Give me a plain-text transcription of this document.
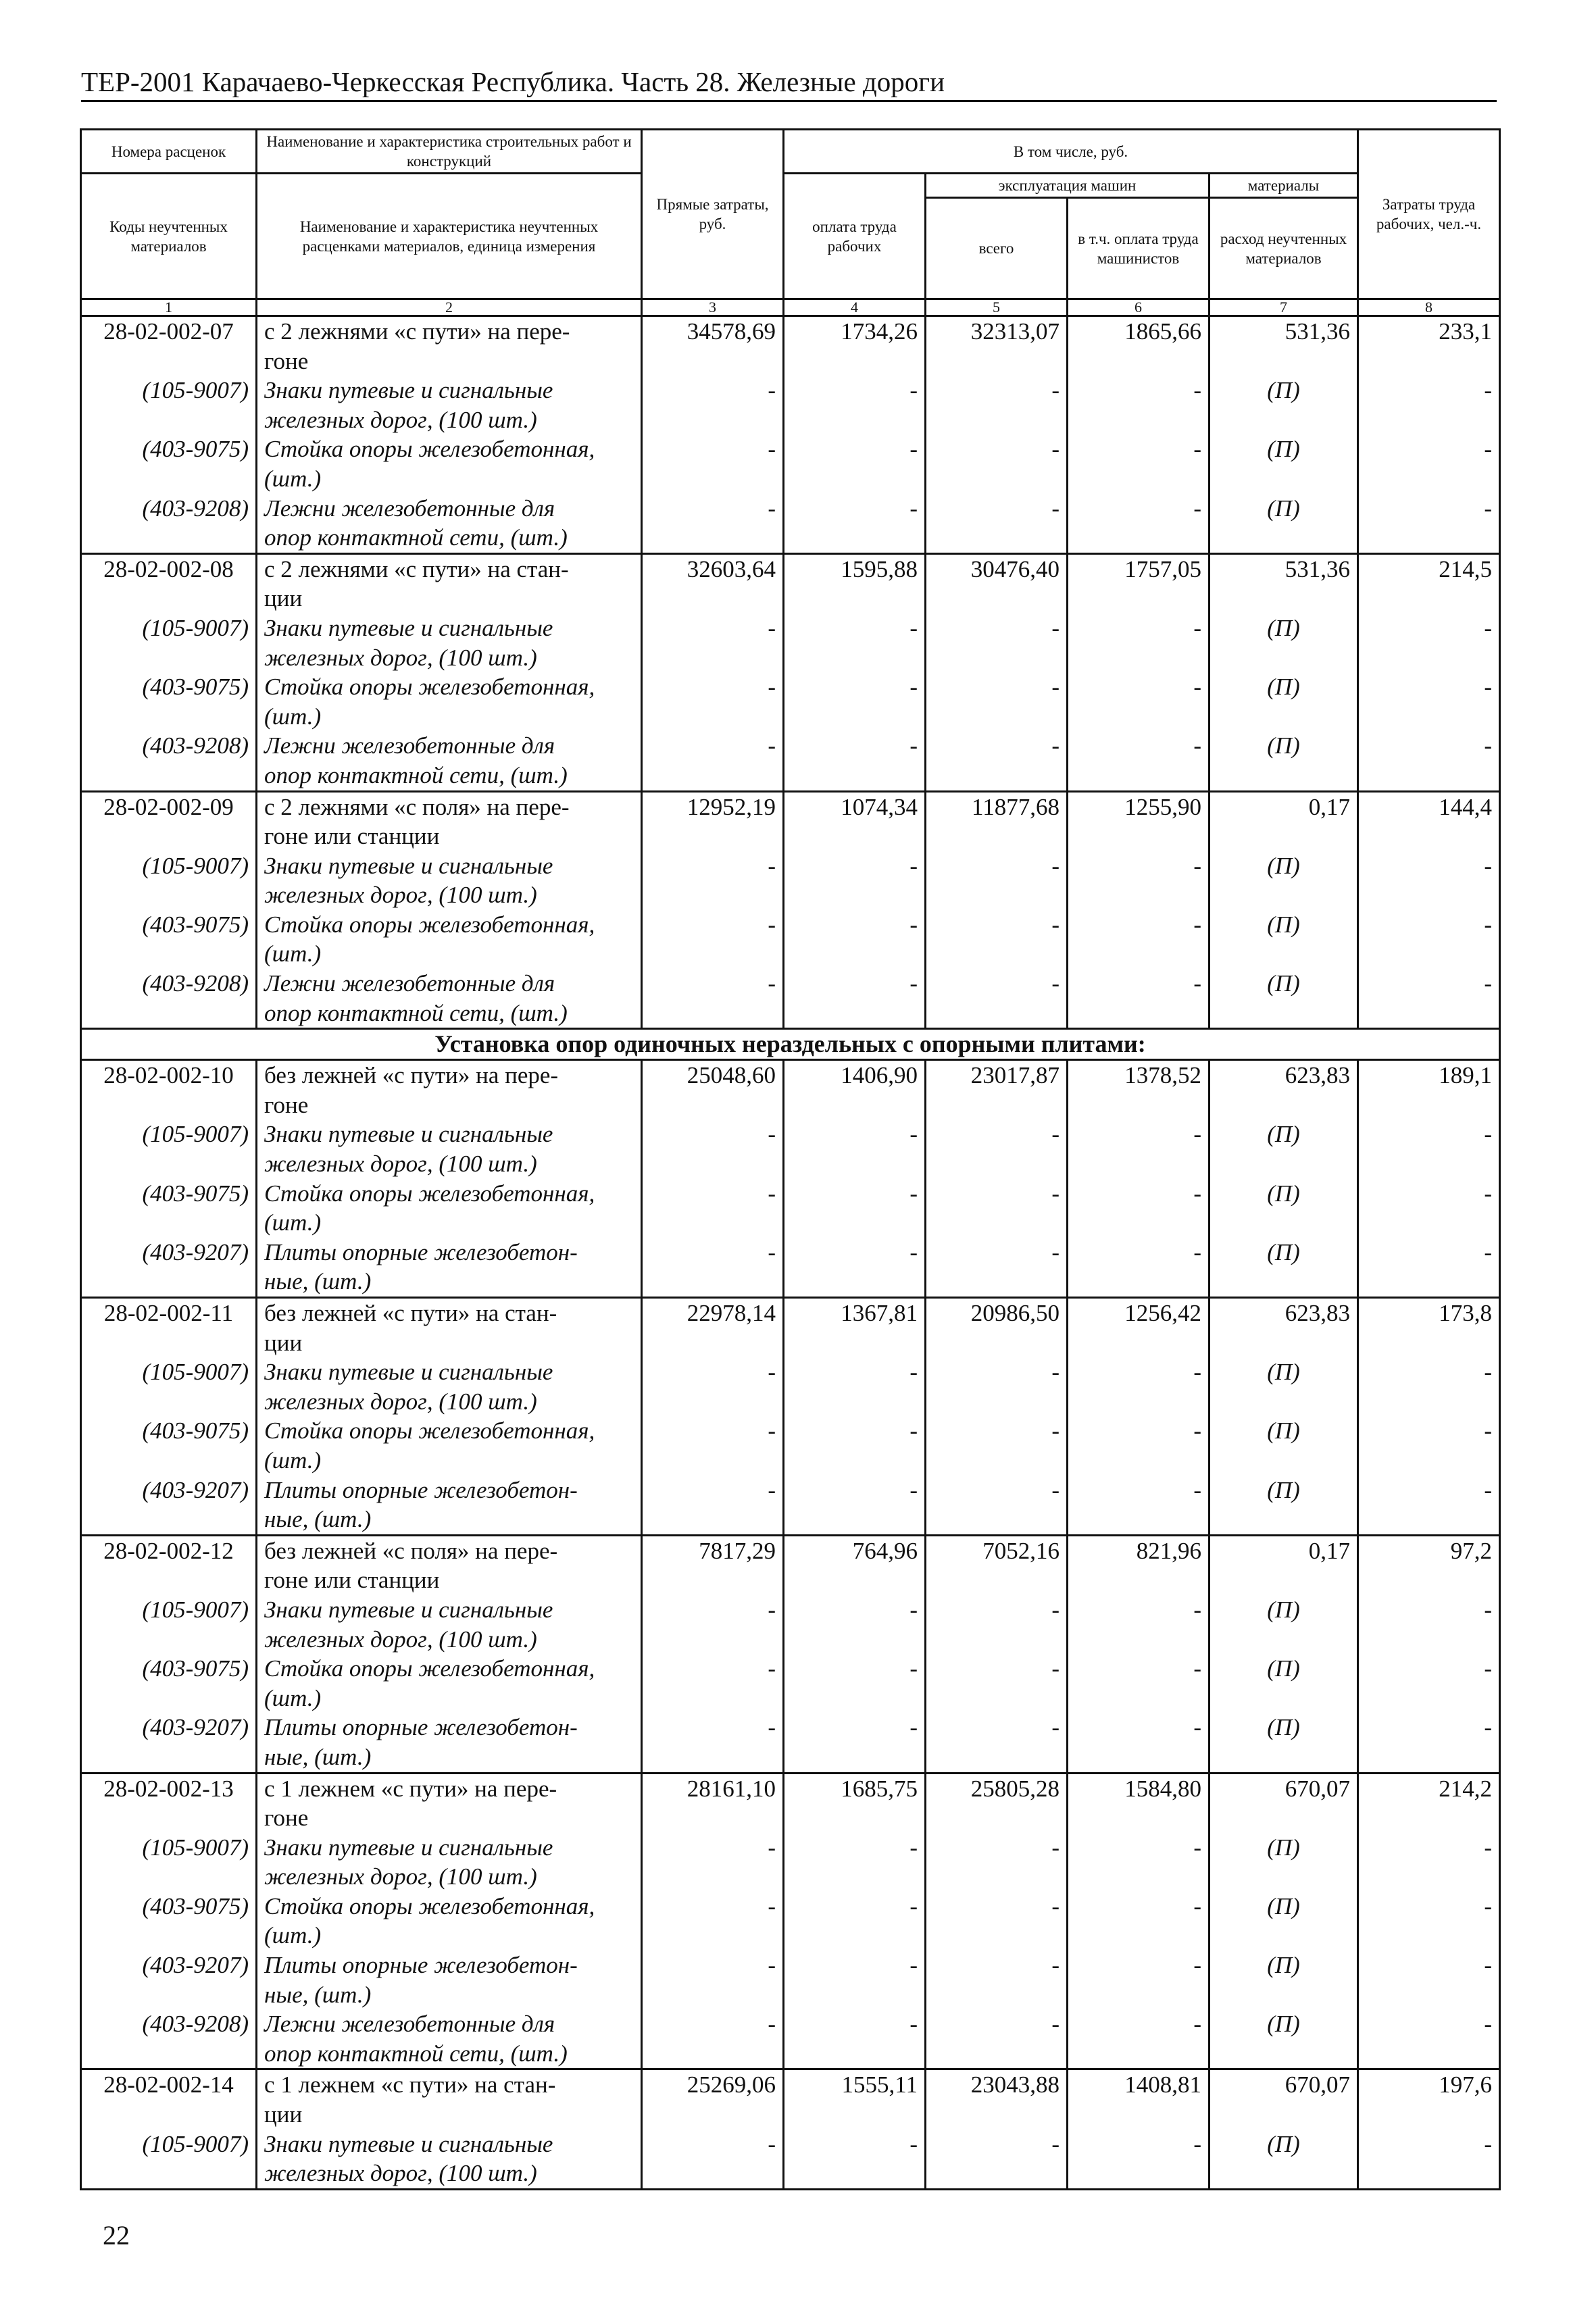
ТЕР-2001 Карачаево-Черкесская Республика. Часть 28. Железные дороги
Номера расценок	Наименование и характеристика строительных работ и конструкций	Прямые затраты, руб.	В том числе, руб.				Затраты труда рабочих, чел.-ч.
Коды неучтенных материалов	Наименование и характеристика неучтенных расценками материалов, единица измерения		оплата труда рабочих	эксплуатация машин		материалы	
				всего	в т.ч. оплата труда машинистов	расход неучтенных материалов	
1	2	3	4	5	6	7	8
28-02-002-07	с 2 лежнями «с пути» на пере-
гоне	34578,69	1734,26	32313,07	1865,66	531,36	233,1
(105-9007)	Знаки путевые и сигнальные
железных дорог, (100 шт.)	-	-	-	-	(П)	-
(403-9075)	Стойка опоры железобетонная,
(шт.)	-	-	-	-	(П)	-
(403-9208)	Лежни железобетонные для
опор контактной сети, (шт.)	-	-	-	-	(П)	-
28-02-002-08	с 2 лежнями «с пути» на стан-
ции	32603,64	1595,88	30476,40	1757,05	531,36	214,5
(105-9007)	Знаки путевые и сигнальные
железных дорог, (100 шт.)	-	-	-	-	(П)	-
(403-9075)	Стойка опоры железобетонная,
(шт.)	-	-	-	-	(П)	-
(403-9208)	Лежни железобетонные для
опор контактной сети, (шт.)	-	-	-	-	(П)	-
28-02-002-09	с 2 лежнями «с поля» на пере-
гоне или станции	12952,19	1074,34	11877,68	1255,90	0,17	144,4
(105-9007)	Знаки путевые и сигнальные
железных дорог, (100 шт.)	-	-	-	-	(П)	-
(403-9075)	Стойка опоры железобетонная,
(шт.)	-	-	-	-	(П)	-
(403-9208)	Лежни железобетонные для
опор контактной сети, (шт.)	-	-	-	-	(П)	-
Установка опор одиночных нераздельных с опорными плитами:							
28-02-002-10	без лежней «с пути» на пере-
гоне	25048,60	1406,90	23017,87	1378,52	623,83	189,1
(105-9007)	Знаки путевые и сигнальные
железных дорог, (100 шт.)	-	-	-	-	(П)	-
(403-9075)	Стойка опоры железобетонная,
(шт.)	-	-	-	-	(П)	-
(403-9207)	Плиты опорные железобетон-
ные, (шт.)	-	-	-	-	(П)	-
28-02-002-11	без лежней «с пути» на стан-
ции	22978,14	1367,81	20986,50	1256,42	623,83	173,8
(105-9007)	Знаки путевые и сигнальные
железных дорог, (100 шт.)	-	-	-	-	(П)	-
(403-9075)	Стойка опоры железобетонная,
(шт.)	-	-	-	-	(П)	-
(403-9207)	Плиты опорные железобетон-
ные, (шт.)	-	-	-	-	(П)	-
28-02-002-12	без лежней «с поля» на пере-
гоне или станции	7817,29	764,96	7052,16	821,96	0,17	97,2
(105-9007)	Знаки путевые и сигнальные
железных дорог, (100 шт.)	-	-	-	-	(П)	-
(403-9075)	Стойка опоры железобетонная,
(шт.)	-	-	-	-	(П)	-
(403-9207)	Плиты опорные железобетон-
ные, (шт.)	-	-	-	-	(П)	-
28-02-002-13	с 1 лежнем «с пути» на пере-
гоне	28161,10	1685,75	25805,28	1584,80	670,07	214,2
(105-9007)	Знаки путевые и сигнальные
железных дорог, (100 шт.)	-	-	-	-	(П)	-
(403-9075)	Стойка опоры железобетонная,
(шт.)	-	-	-	-	(П)	-
(403-9207)	Плиты опорные железобетон-
ные, (шт.)	-	-	-	-	(П)	-
(403-9208)	Лежни железобетонные для
опор контактной сети, (шт.)	-	-	-	-	(П)	-
28-02-002-14	с 1 лежнем «с пути» на стан-
ции	25269,06	1555,11	23043,88	1408,81	670,07	197,6
(105-9007)	Знаки путевые и сигнальные
железных дорог, (100 шт.)	-	-	-	-	(П)	-
22
